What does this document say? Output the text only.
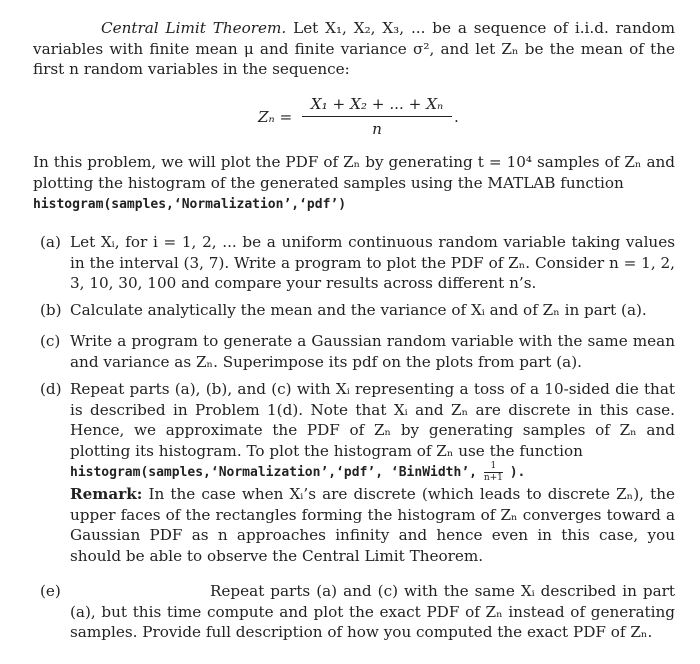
Central Limit Theorem. Let X₁, X₂, X₃, ... be a sequence of i.i.d. random variables with finite mean μ and finite variance σ², and let Zₙ be the mean of the first n random variables in the sequence:
Zₙ =
X₁ + X₂ + ... + Xₙ
n
.
In this problem, we will plot the PDF of Zₙ by generating t = 10⁴ samples of Zₙ and plotting the histogram of the generated samples using the MATLAB function
histogram(samples,‘Normalization’,‘pdf’)
(a) Let Xᵢ, for i = 1, 2, ... be a uniform continuous random variable taking values in the interval (3, 7). Write a program to plot the PDF of Zₙ. Consider n = 1, 2, 3, 10, 30, 100 and compare your results across different n’s.
(b) Calculate analytically the mean and the variance of Xᵢ and of Zₙ in part (a).
(c) Write a program to generate a Gaussian random variable with the same mean and variance as Zₙ. Superimpose its pdf on the plots from part (a).
(d) Repeat parts (a), (b), and (c) with Xᵢ representing a toss of a 10-sided die that is described in Problem 1(d). Note that Xᵢ and Zₙ are discrete in this case. Hence, we approximate the PDF of Zₙ by generating samples of Zₙ and plotting its histogram. To plot the histogram of Zₙ use the function
histogram(samples,‘Normalization’,‘pdf’, ‘BinWidth’, $\frac{1}{n+1}$ ).
Remark: In the case when Xᵢ’s are discrete (which leads to discrete Zₙ), the upper faces of the rectangles forming the histogram of Zₙ converges toward a Gaussian PDF as n approaches infinity and hence even in this case, you should be able to observe the Central Limit Theorem.
(e)	Repeat parts (a) and (c) with the same Xᵢ described in part (a), but this time compute and plot the exact PDF of Zₙ instead of generating samples. Provide full description of how you computed the exact PDF of Zₙ.
